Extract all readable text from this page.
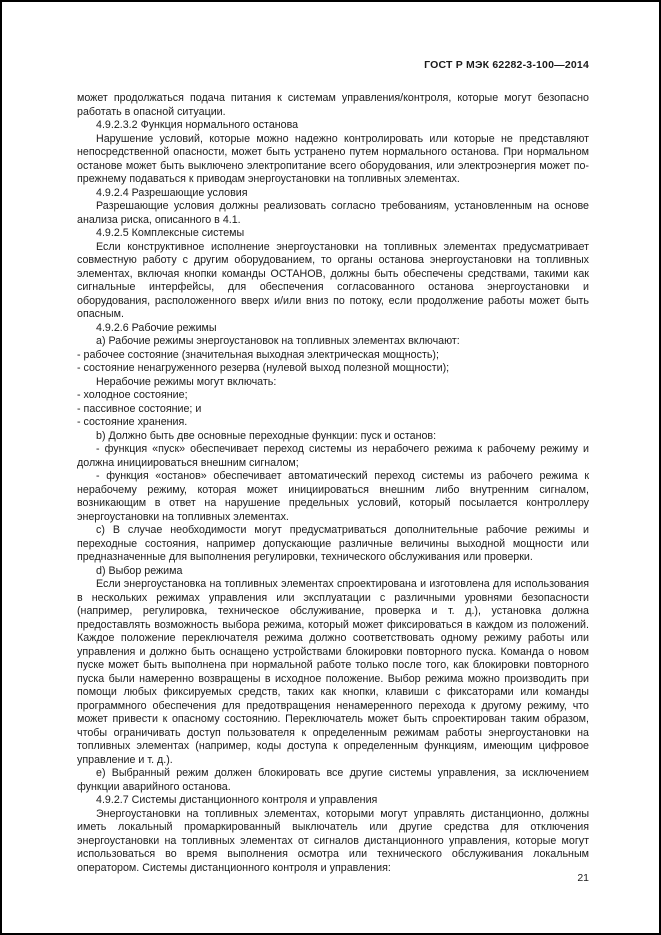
ГОСТ Р МЭК 62282-3-100—2014

может продолжаться подача питания к системам управления/контроля, которые могут безопасно работать в опасной ситуации.

4.9.2.3.2 Функция нормального останова

Нарушение условий, которые можно надежно контролировать или которые не представляют непосредственной опасности, может быть устранено путем нормального останова. При нормальном останове может быть выключено электропитание всего оборудования, или электроэнергия может по-прежнему подаваться к приводам энергоустановки на топливных элементах.

4.9.2.4 Разрешающие условия

Разрешающие условия должны реализовать согласно требованиям, установленным на основе анализа риска, описанного в 4.1.

4.9.2.5 Комплексные системы

Если конструктивное исполнение энергоустановки на топливных элементах предусматривает совместную работу с другим оборудованием, то органы останова энергоустановки на топливных элементах, включая кнопки команды ОСТАНОВ, должны быть обеспечены средствами, такими как сигнальные интерфейсы, для обеспечения согласованного останова энергоустановки и оборудования, расположенного вверх и/или вниз по потоку, если продолжение работы может быть опасным.

4.9.2.6 Рабочие режимы

a) Рабочие режимы энергоустановок на топливных элементах включают:

- рабочее состояние (значительная выходная электрическая мощность);

- состояние ненагруженного резерва (нулевой выход полезной мощности);

Нерабочие режимы могут включать:

- холодное состояние;

- пассивное состояние; и

- состояние хранения.

b) Должно быть две основные переходные функции: пуск и останов:

- функция «пуск» обеспечивает переход системы из нерабочего режима к рабочему режиму и должна инициироваться внешним сигналом;

- функция «останов» обеспечивает автоматический переход системы из рабочего режима к нерабочему режиму, которая может инициироваться внешним либо внутренним сигналом, возникающим в ответ на нарушение предельных условий, который посылается контроллеру энергоустановки на топливных элементах.

c) В случае необходимости могут предусматриваться дополнительные рабочие режимы и переходные состояния, например допускающие различные величины выходной мощности или предназначенные для выполнения регулировки, технического обслуживания или проверки.

d) Выбор режима

Если энергоустановка на топливных элементах спроектирована и изготовлена для использования в нескольких режимах управления или эксплуатации с различными уровнями безопасности (например, регулировка, техническое обслуживание, проверка и т. д.), установка должна предоставлять возможность выбора режима, который может фиксироваться в каждом из положений. Каждое положение переключателя режима должно соответствовать одному режиму работы или управления и должно быть оснащено устройствами блокировки повторного пуска. Команда о новом пуске может быть выполнена при нормальной работе только после того, как блокировки повторного пуска были намеренно возвращены в исходное положение. Выбор режима можно производить при помощи любых фиксируемых средств, таких как кнопки, клавиши с фиксаторами или команды программного обеспечения для предотвращения ненамеренного перехода к другому режиму, что может привести к опасному состоянию. Переключатель может быть спроектирован таким образом, чтобы ограничивать доступ пользователя к определенным режимам работы энергоустановки на топливных элементах (например, коды доступа к определенным функциям, имеющим цифровое управление и т. д.).

e) Выбранный режим должен блокировать все другие системы управления, за исключением функции аварийного останова.

4.9.2.7 Системы дистанционного контроля и управления

Энергоустановки на топливных элементах, которыми могут управлять дистанционно, должны иметь локальный промаркированный выключатель или другие средства для отключения энергоустановки на топливных элементах от сигналов дистанционного управления, которые могут использоваться во время выполнения осмотра или технического обслуживания локальным оператором. Системы дистанционного контроля и управления:

21
